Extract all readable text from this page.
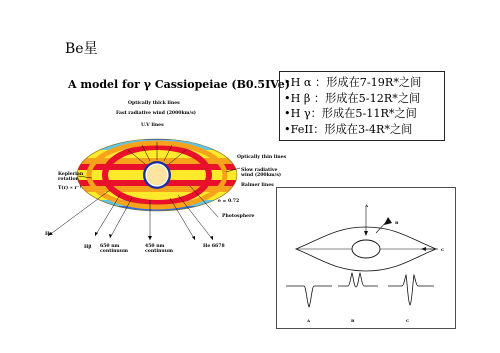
Be星
A model for γ Cassiopeiae (B0.5IVe)
Optically thick lines
Fast radiative wind (2000km/s)
U.V lines
Optically thin lines
Slow radiative
wind (200km/s)
Balmer lines
Keplerian
rotation
T(r) ∝ r⁻¹
e = 0.72
Photosphere
Hα
Hβ 650 nm
continuum
450 nm
continuum
He 6678
•H α ：形成在7-19R*之间
•H β ：形成在5-12R*之间
•H γ：形成在5-11R*之间
•FeII：形成在3-4R*之间
A
B
C
A	B	C
